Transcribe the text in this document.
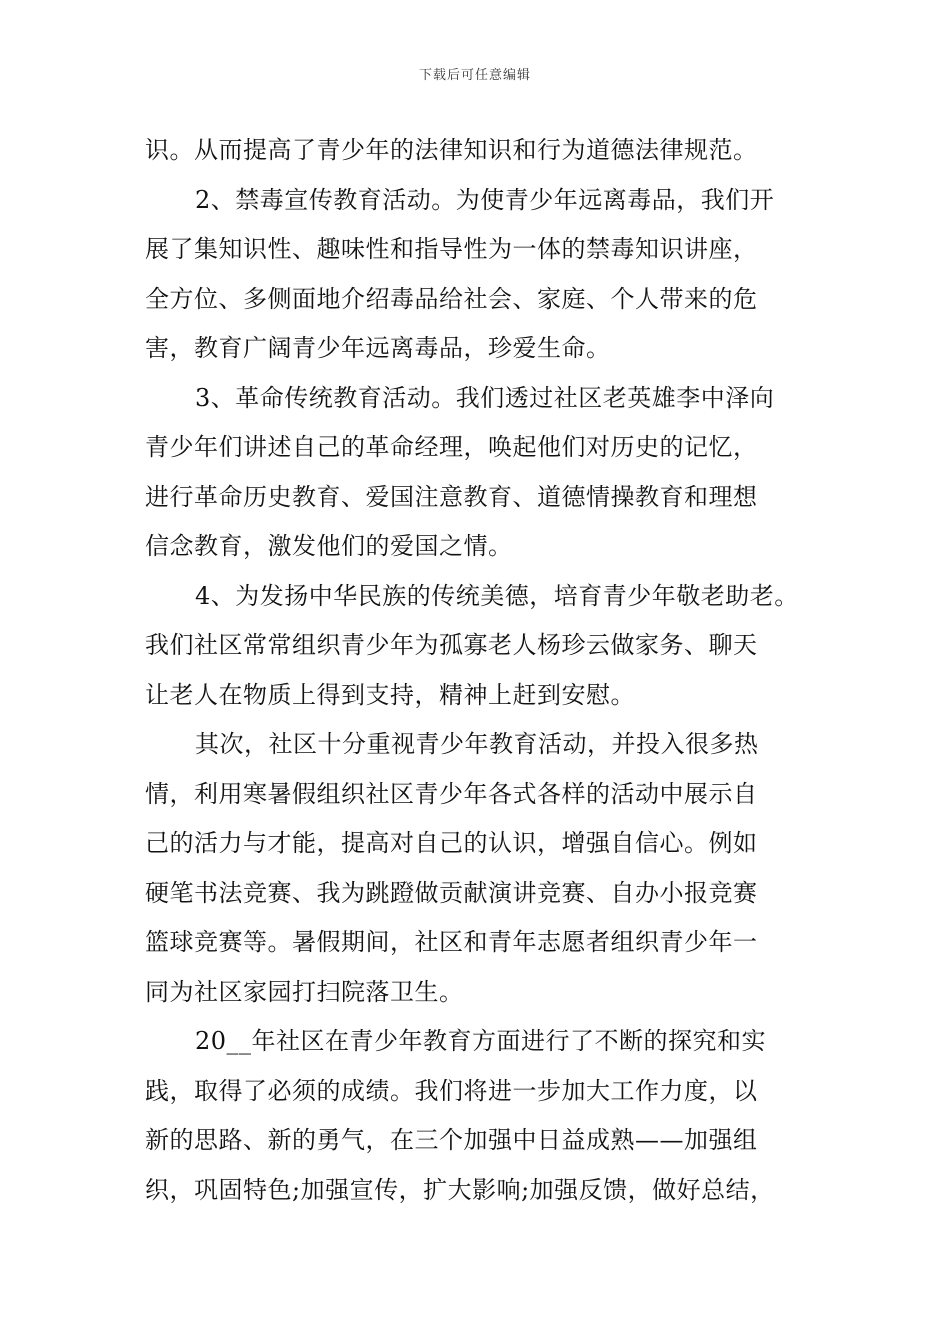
下载后可任意编辑
识。从而提高了青少年的法律知识和行为道德法律规范。
2、禁毒宣传教育活动。为使青少年远离毒品，我们开
展了集知识性、趣味性和指导性为一体的禁毒知识讲座，
全方位、多侧面地介绍毒品给社会、家庭、个人带来的危
害，教育广阔青少年远离毒品，珍爱生命。
3、革命传统教育活动。我们透过社区老英雄李中泽向
青少年们讲述自己的革命经理，唤起他们对历史的记忆，
进行革命历史教育、爱国注意教育、道德情操教育和理想
信念教育，激发他们的爱国之情。
4、为发扬中华民族的传统美德，培育青少年敬老助老。
我们社区常常组织青少年为孤寡老人杨珍云做家务、聊天
让老人在物质上得到支持，精神上赶到安慰。
其次，社区十分重视青少年教育活动，并投入很多热
情，利用寒暑假组织社区青少年各式各样的活动中展示自
己的活力与才能，提高对自己的认识，增强自信心。例如
硬笔书法竞赛、我为跳蹬做贡献演讲竞赛、自办小报竞赛
篮球竞赛等。暑假期间，社区和青年志愿者组织青少年一
同为社区家园打扫院落卫生。
20__年社区在青少年教育方面进行了不断的探究和实
践，取得了必须的成绩。我们将进一步加大工作力度，以
新的思路、新的勇气，在三个加强中日益成熟——加强组
织，巩固特色;加强宣传，扩大影响;加强反馈，做好总结，
